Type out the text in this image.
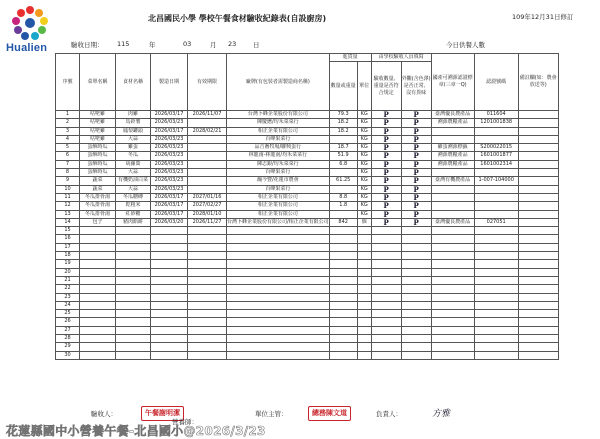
Hualien
北昌國民小學 學校午餐食材驗收紀錄表(自設廚房)	109年12月31日修訂
驗收日期： 115	年	03	月 23	日	今日供餐人數
序號	菜單名稱	食材名稱	製造日期	有效期限	廠牌(有包裝者需製造商名稱)	進貨量		由學校驗收人員填寫		國產可溯源認證標章(三章一Q)	認證號碼	備註欄(如：農會放送等)
						數量或重量	單位	驗收數量、重量是否符合規定	外觀(含色澤)是否正常、沒有異味			

1	咕咾雞	肉雞	2026/03/17	2026/11/07	台灣卜蜂企業股份有限公司	79.3	KG	P	P	臺灣優良農產品	011604	
2	咕咾雞	馬鈴薯	2026/03/23		陳慶懋/均禾菜菜行	18.2	KG	P	P	溯源農糧產品	1201001838	
3	咕咾雞	鳳梨罐頭	2026/03/17	2028/02/21	相正企業有限公司	18.2	KG	P	P			
4	咕咾雞	大蒜	2026/03/23		百峰果菜行		KG	P	P			
5	蛋酥時瓜	雞蛋	2026/03/23		品吉畜牧場/聯興蛋行	18.7	KG	P	P	雞蛋溯源標籤	S200022015	
6	蛋酥時瓜	冬瓜	2026/03/23		林龍南-林龍南/均禾菜菜行	51.9	KG	P	P	溯源農糧產品	1601001877	
7	蛋酥時瓜	胡蘿蔔	2026/03/23		陳志銀/均禾菜菜行	6.8	KG	P	P	溯源農糧產品	1601002314	
8	蛋酥時瓜	大蒜	2026/03/23		百峰果菜行		KG	P	P			
9	蔬菜	有機奶油白菜	2026/03/23		瀚今豐/花蓮市農會	61.25	KG	P	P	臺灣有機農產品	1-007-104000	
10	蔬菜	大蒜	2026/03/23		百峰果菜行		KG	P	P			
11	冬瓜排骨湯	冬瓜糖磚	2026/03/17	2027/01/16	相正企業有限公司	8.8	KG	P	P			
12	冬瓜排骨湯	乾粗米	2026/03/17	2027/02/27	相正企業有限公司	1.8	KG	P	P			
13	冬瓜排骨湯	紅砂糖	2026/03/17	2028/01/10	相正企業有限公司		KG	P	P			
14	包子	豬肉餡餅	2026/03/20	2026/11/27	台灣卜蜂企業股份有限公司/相正企業有限公司	842	個	P	P	臺灣優良農產品	027051	
15												
16												
17												
18												
19												
20												
21												
22												
23												
24												
25												
26												
27												
28												
29												
30												
驗收人：	午餐謝明潔
營養師：
單位主管：	總務陳文道	負責人：	方雅
花蓮縣國中小營養午餐-北昌國小@2026/3/23
